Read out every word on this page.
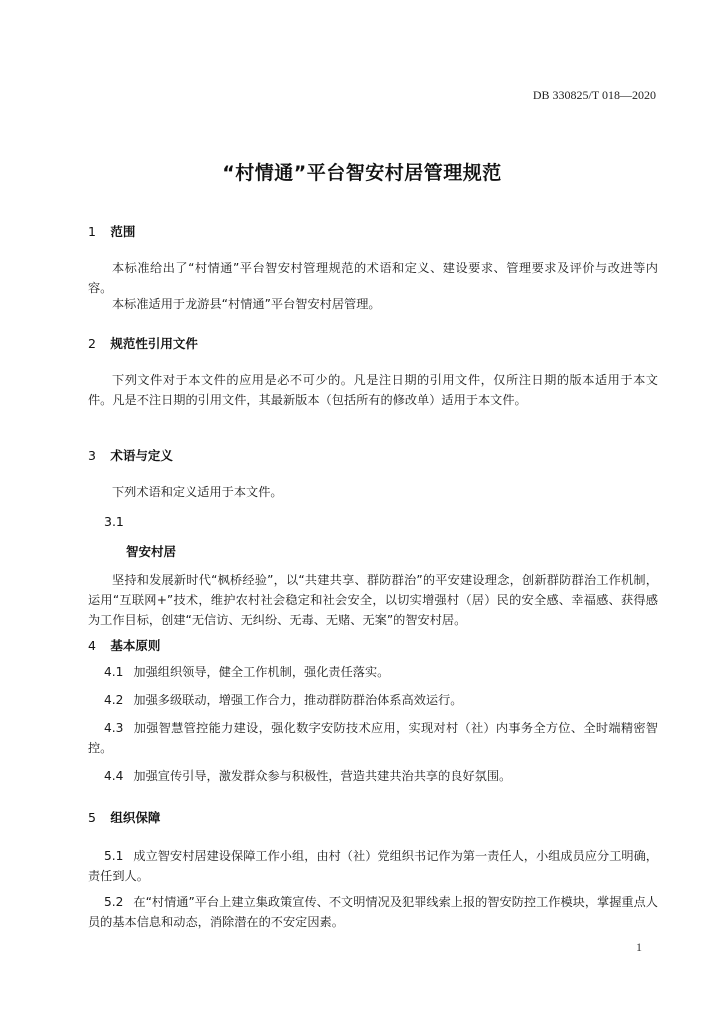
DB 330825/T 018—2020
“村情通”平台智安村居管理规范
1 范围
本标准给出了“村情通”平台智安村管理规范的术语和定义、建设要求、管理要求及评价与改进等内容。
本标准适用于龙游县“村情通”平台智安村居管理。
2 规范性引用文件
下列文件对于本文件的应用是必不可少的。凡是注日期的引用文件，仅所注日期的版本适用于本文件。凡是不注日期的引用文件，其最新版本（包括所有的修改单）适用于本文件。
3 术语与定义
下列术语和定义适用于本文件。
3.1
智安村居
坚持和发展新时代“枫桥经验”，以“共建共享、群防群治”的平安建设理念，创新群防群治工作机制，运用“互联网+”技术，维护农村社会稳定和社会安全，以切实增强村（居）民的安全感、幸福感、获得感为工作目标，创建“无信访、无纠纷、无毒、无赌、无案”的智安村居。
4 基本原则
4.1 加强组织领导，健全工作机制，强化责任落实。
4.2 加强多级联动，增强工作合力，推动群防群治体系高效运行。
4.3 加强智慧管控能力建设，强化数字安防技术应用，实现对村（社）内事务全方位、全时端精密智控。
4.4 加强宣传引导，激发群众参与积极性，营造共建共治共享的良好氛围。
5 组织保障
5.1 成立智安村居建设保障工作小组，由村（社）党组织书记作为第一责任人，小组成员应分工明确，责任到人。
5.2 在“村情通”平台上建立集政策宣传、不文明情况及犯罪线索上报的智安防控工作模块，掌握重点人员的基本信息和动态，消除潜在的不安定因素。
1
